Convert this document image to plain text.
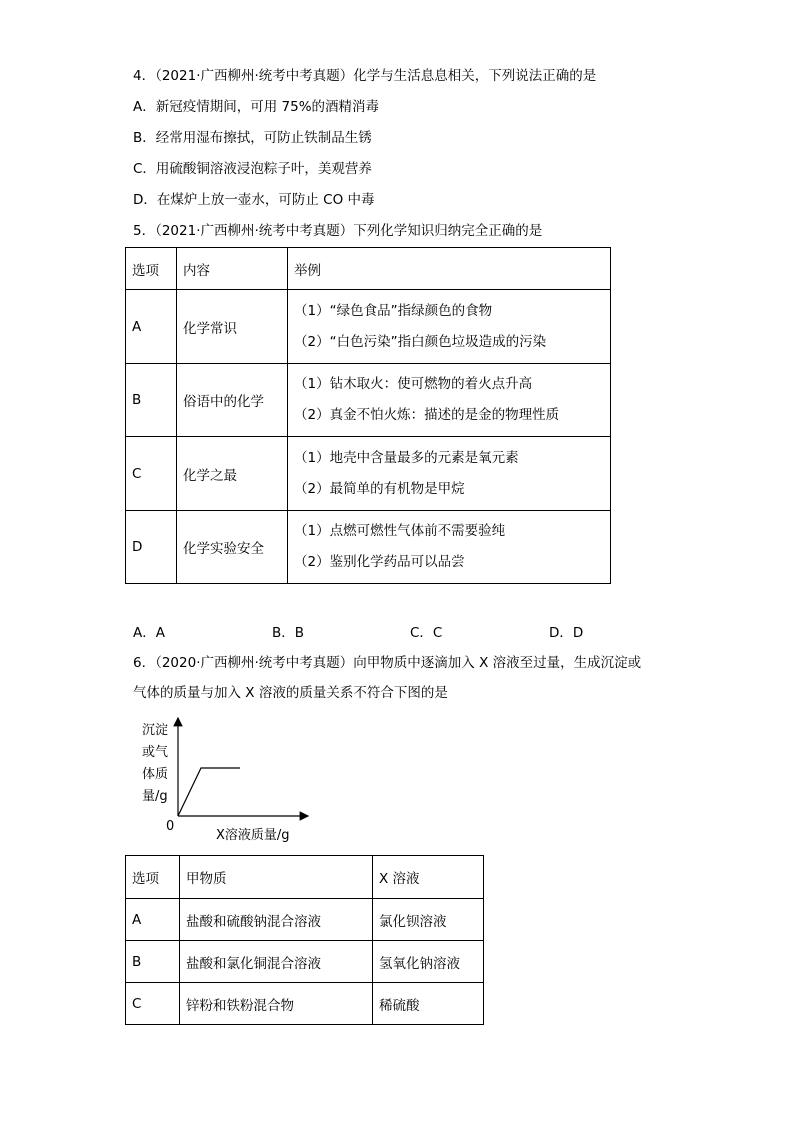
4．（2021·广西柳州·统考中考真题）化学与生活息息相关，下列说法正确的是
A．新冠疫情期间，可用 75%的酒精消毒
B．经常用湿布擦拭，可防止铁制品生锈
C．用硫酸铜溶液浸泡粽子叶，美观营养
D．在煤炉上放一壶水，可防止 CO 中毒
5．（2021·广西柳州·统考中考真题）下列化学知识归纳完全正确的是
选项	内容	举例
A	化学常识	（1）“绿色食品”指绿颜色的食物
（2）“白色污染”指白颜色垃圾造成的污染

B	俗语中的化学	（1）钻木取火：使可燃物的着火点升高
（2）真金不怕火炼：描述的是金的物理性质

C	化学之最	（1）地壳中含量最多的元素是氧元素
（2）最简单的有机物是甲烷

D	化学实验安全	（1）点燃可燃性气体前不需要验纯
（2）鉴别化学药品可以品尝
A．A	B．B	C．C	D．D
6．（2020·广西柳州·统考中考真题）向甲物质中逐滴加入 X 溶液至过量，生成沉淀或
气体的质量与加入 X 溶液的质量关系不符合下图的是
沉淀
或气
体质
量/g
0
X溶液质量/g
选项	甲物质	X 溶液
A	盐酸和硫酸钠混合溶液	氯化钡溶液
B	盐酸和氯化铜混合溶液	氢氧化钠溶液
C	锌粉和铁粉混合物	稀硫酸
